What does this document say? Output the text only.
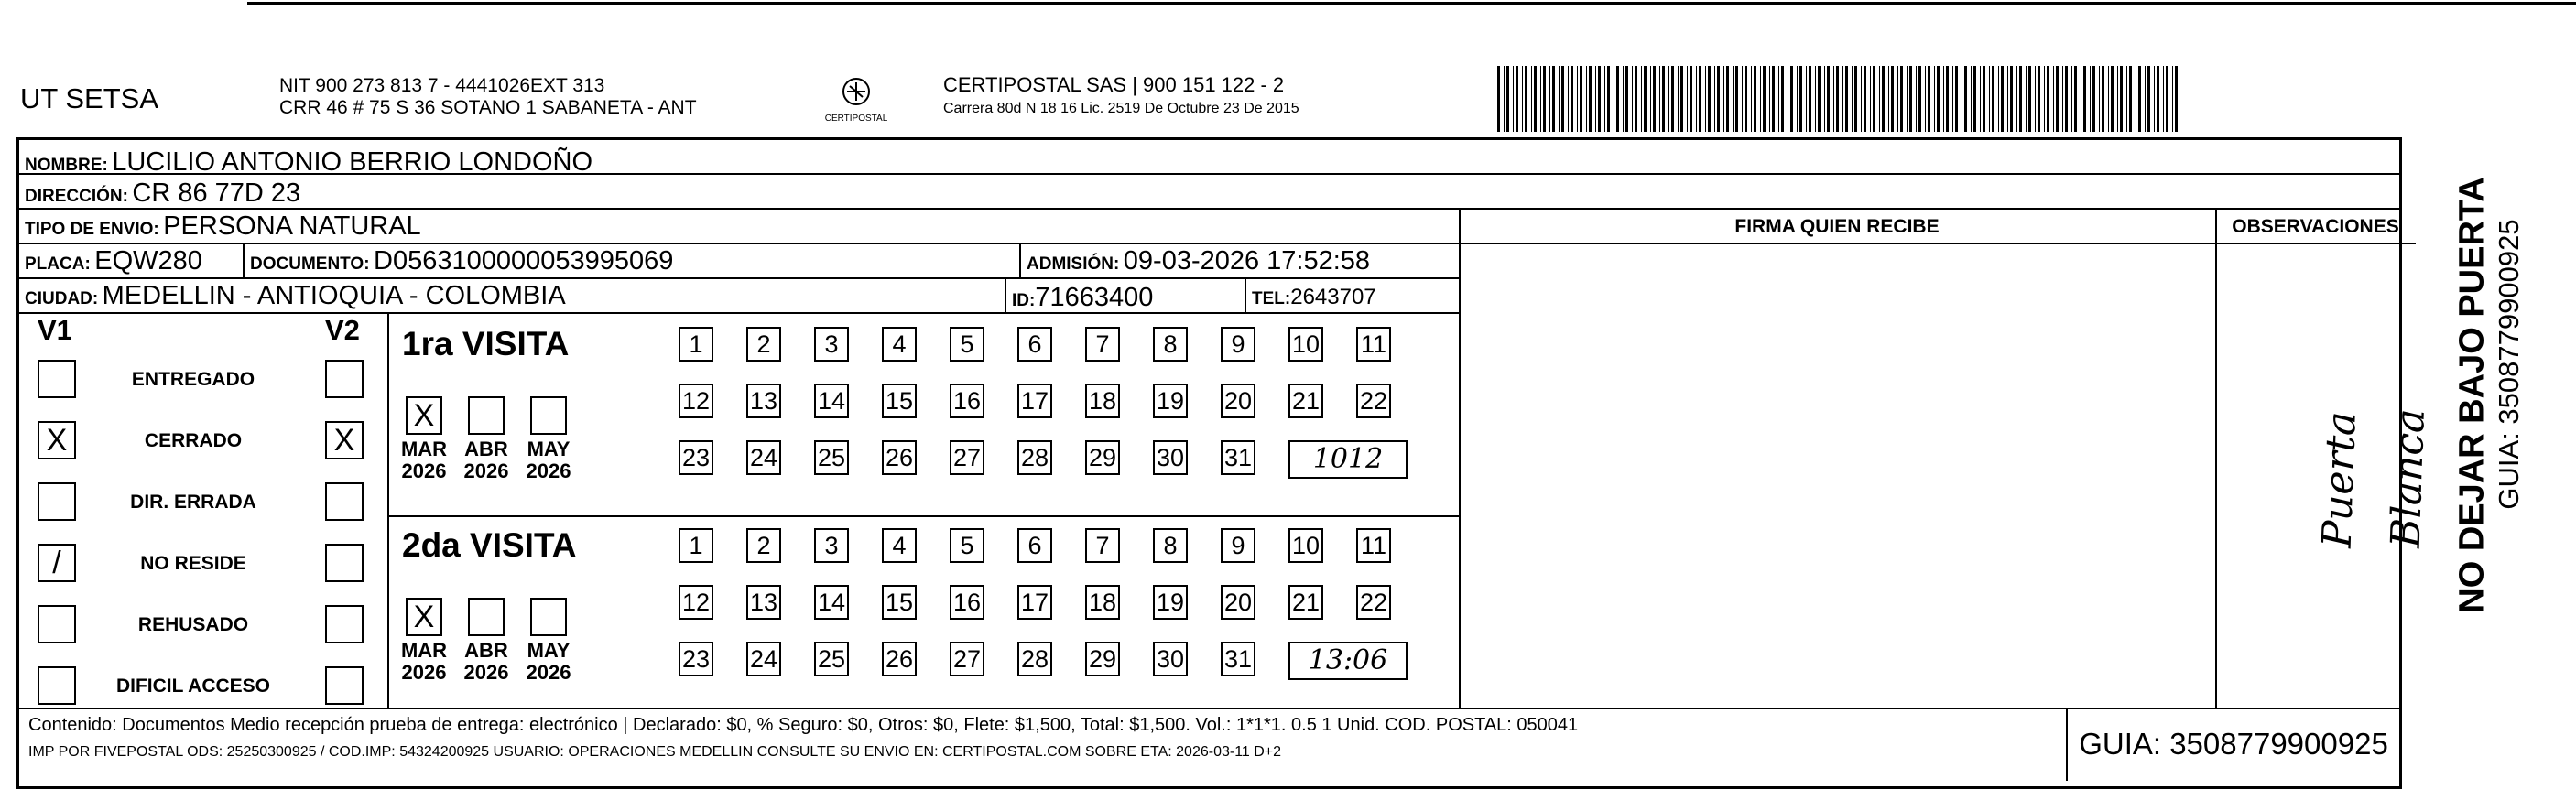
UT SETSA	NIT 900 273 813 7 - 4441026EXT 313
CRR 46 # 75 S 36 SOTANO 1 SABANETA - ANT
CERTIPOSTAL
CERTIPOSTAL SAS | 900 151 122 - 2
Carrera 80d N 18 16 Lic. 2519 De Octubre 23 De 2015
NOMBRE: LUCILIO ANTONIO BERRIO LONDOÑO
DIRECCIÓN: CR 86 77D 23
TIPO DE ENVIO: PERSONA NATURAL	FIRMA QUIEN RECIBE	OBSERVACIONES
PLACA: EQW280	DOCUMENTO: D0563100000053995069	ADMISIÓN: 09-03-2026 17:52:58
CIUDAD: MEDELLIN - ANTIOQUIA - COLOMBIA	ID:71663400	TEL:2643707
V1	V2
ENTREGADO
X	CERRADO	X
DIR. ERRADA
/	NO RESIDE
REHUSADO
DIFICIL ACCESO
Puerta Blanca
Contenido: Documentos Medio recepción prueba de entrega: electrónico | Declarado: $0, % Seguro: $0, Otros: $0, Flete: $1,500, Total: $1,500. Vol.: 1*1*1. 0.5 1 Unid. COD. POSTAL: 050041
IMP POR FIVEPOSTAL ODS: 25250300925 / COD.IMP: 54324200925 USUARIO: OPERACIONES MEDELLIN CONSULTE SU ENVIO EN: CERTIPOSTAL.COM SOBRE ETA: 2026-03-11 D+2	GUIA: 3508779900925
1ra VISITA
X
MAR
2026
ABR
2026
MAY
2026
1	2	3	4	5	6	7	8	9	10 11
12 13 14 15 16 17 18 19 20 21 22
23 24 25 26 27 28 29 30 31	1012
2da VISITA
X
MAR
2026
ABR
2026
MAY
2026
1	2	3	4	5	6	7	8	9	10 11
12 13 14 15 16 17 18 19 20 21 22
23 24 25 26 27 28 29 30 31	13:06
NO DEJAR BAJO PUERTA GUIA: 3508779900925
